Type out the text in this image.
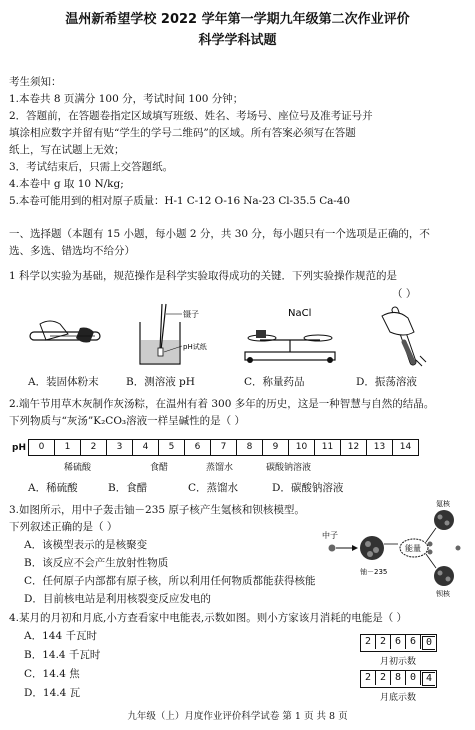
温州新希望学校 2022 学年第一学期九年级第二次作业评价
科学学科试题
考生须知：
1.本卷共 8 页满分 100 分，考试时间 100 分钟；
2．答题前，在答题卷指定区域填写班级、姓名、考场号、座位号及准考证号并
填涂相应数字并留有贴“学生的学号二维码”的区域。所有答案必须写在答题
纸上，写在试题上无效；
3．考试结束后，只需上交答题纸。
4.本卷中 g 取 10 N/kg;
5.本卷可能用到的相对原子质量：H-1 C-12 O-16 Na-23 Cl-35.5 Ca-40
一、选择题（本题有 15 小题，每小题 2 分，共 30 分，每小题只有一个选项是正确的，不
选、多选、错选均不给分）
1 科学以实验为基础，规范操作是科学实验取得成功的关键．下列实验操作规范的是
（ ）
镊子
pH试纸
NaCl
A．装固体粉末	B．测溶液 pH	C．称量药品	D．振荡溶液
2.端午节用草木灰制作灰汤粽，在温州有着 300 多年的历史，这是一种智慧与自然的结晶。
下列物质与“灰汤”K₂CO₃溶液一样呈碱性的是（ ）
pH	0	1	2	3	4	5	6	7	8	9	10	11	12	13	14
稀硫酸	食醋	蒸馏水	碳酸钠溶液
A．稀硫酸	B．食醋	C．蒸馏水	D．碳酸钠溶液
3.如图所示，用中子轰击铀－235 原子核产生氪核和钡核模型。
下列叙述正确的是（ ）
A．该模型表示的是核聚变
B．该反应不会产生放射性物质
C．任何原子内部都有原子核，所以利用任何物质都能获得核能
D．目前核电站是利用核裂变反应发电的
中子
铀－235
能量
氪核
钡核
4.某月的月初和月底,小方查看家中电能表,示数如图。则小方家该月消耗的电能是（ ）
A．144 千瓦时
B．14.4 千瓦时
C．14.4 焦
D．14.4 瓦
2 2 6 6 0
月初示数
2 2 8 0 4
月底示数
九年级（上）月度作业评价科学试卷 第 1 页 共 8 页
